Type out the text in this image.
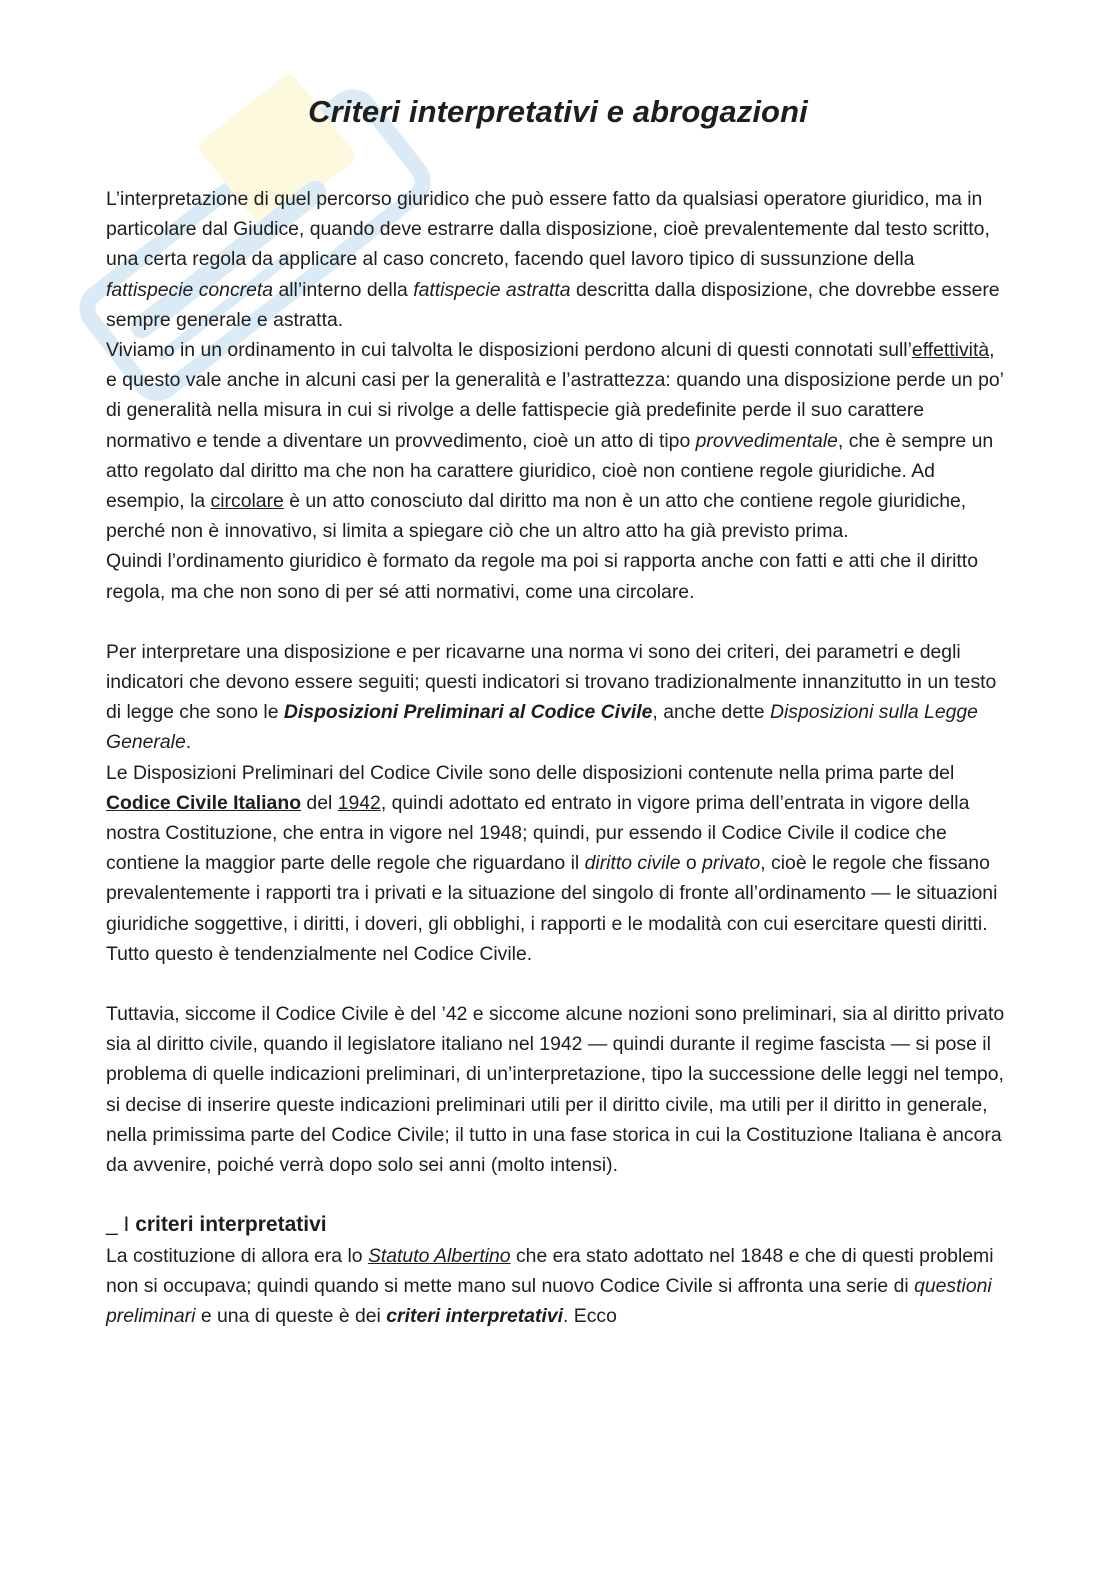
Criteri interpretativi e abrogazioni

L’interpretazione di quel percorso giuridico che può essere fatto da qualsiasi operatore giuridico, ma in particolare dal Giudice, quando deve estrarre dalla disposizione, cioè prevalentemente dal testo scritto, una certa regola da applicare al caso concreto, facendo quel lavoro tipico di sussunzione della fattispecie concreta all’interno della fattispecie astratta descritta dalla disposizione, che dovrebbe essere sempre generale e astratta.
Viviamo in un ordinamento in cui talvolta le disposizioni perdono alcuni di questi connotati sull’effettività, e questo vale anche in alcuni casi per la generalità e l’astrattezza: quando una disposizione perde un po’ di generalità nella misura in cui si rivolge a delle fattispecie già predefinite perde il suo carattere normativo e tende a diventare un provvedimento, cioè un atto di tipo provvedimentale, che è sempre un atto regolato dal diritto ma che non ha carattere giuridico, cioè non contiene regole giuridiche. Ad esempio, la circolare è un atto conosciuto dal diritto ma non è un atto che contiene regole giuridiche, perché non è innovativo, si limita a spiegare ciò che un altro atto ha già previsto prima.
Quindi l’ordinamento giuridico è formato da regole ma poi si rapporta anche con fatti e atti che il diritto regola, ma che non sono di per sé atti normativi, come una circolare.

Per interpretare una disposizione e per ricavarne una norma vi sono dei criteri, dei parametri e degli indicatori che devono essere seguiti; questi indicatori si trovano tradizionalmente innanzitutto in un testo di legge che sono le Disposizioni Preliminari al Codice Civile, anche dette Disposizioni sulla Legge Generale.
Le Disposizioni Preliminari del Codice Civile sono delle disposizioni contenute nella prima parte del Codice Civile Italiano del 1942, quindi adottato ed entrato in vigore prima dell’entrata in vigore della nostra Costituzione, che entra in vigore nel 1948; quindi, pur essendo il Codice Civile il codice che contiene la maggior parte delle regole che riguardano il diritto civile o privato, cioè le regole che fissano prevalentemente i rapporti tra i privati e la situazione del singolo di fronte all’ordinamento — le situazioni giuridiche soggettive, i diritti, i doveri, gli obblighi, i rapporti e le modalità con cui esercitare questi diritti. Tutto questo è tendenzialmente nel Codice Civile.

Tuttavia, siccome il Codice Civile è del ’42 e siccome alcune nozioni sono preliminari, sia al diritto privato sia al diritto civile, quando il legislatore italiano nel 1942 — quindi durante il regime fascista — si pose il problema di quelle indicazioni preliminari, di un’interpretazione, tipo la successione delle leggi nel tempo, si decise di inserire queste indicazioni preliminari utili per il diritto civile, ma utili per il diritto in generale, nella primissima parte del Codice Civile; il tutto in una fase storica in cui la Costituzione Italiana è ancora da avvenire, poiché verrà dopo solo sei anni (molto intensi).

_ I criteri interpretativi

La costituzione di allora era lo Statuto Albertino che era stato adottato nel 1848 e che di questi problemi non si occupava; quindi quando si mette mano sul nuovo Codice Civile si affronta una serie di questioni preliminari e una di queste è dei criteri interpretativi. Ecco
